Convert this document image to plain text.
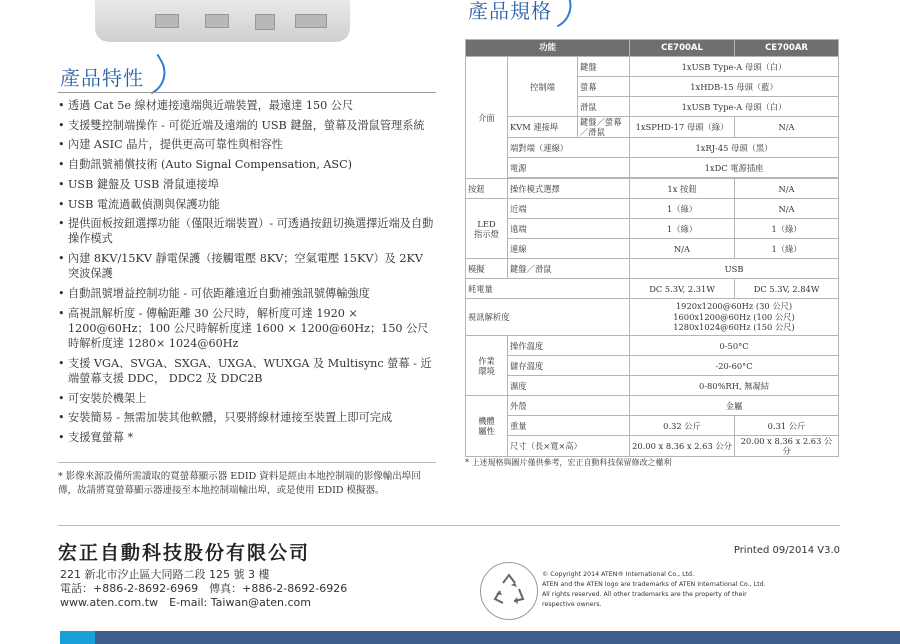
產品特性
• 透過 Cat 5e 線材連接遠端與近端裝置，最遠達 150 公尺
• 支援雙控制端操作 - 可從近端及遠端的 USB 鍵盤，螢幕及滑鼠管理系統
• 內建 ASIC 晶片，提供更高可靠性與相容性
• 自動訊號補償技術 (Auto Signal Compensation, ASC)
• USB 鍵盤及 USB 滑鼠連接埠
• USB 電流過載偵測與保護功能
• 提供面板按鈕選擇功能（僅限近端裝置）- 可透過按鈕切換選擇近端及自動操作模式
• 內建 8KV/15KV 靜電保護（接觸電壓 8KV；空氣電壓 15KV）及 2KV 突波保護
• 自動訊號增益控制功能 - 可依距離遠近自動補強訊號傳輸強度
• 高視訊解析度 - 傳輸距離 30 公尺時，解析度可達 1920 × 1200@60Hz；100 公尺時解析度達 1600 × 1200@60Hz；150 公尺時解析度達 1280× 1024@60Hz
• 支援 VGA、SVGA、SXGA、UXGA、WUXGA 及 Multisync 螢幕 - 近端螢幕支援 DDC， DDC2 及 DDC2B
• 可安裝於機架上
• 安裝簡易 - 無需加裝其他軟體，只要將線材連接至裝置上即可完成
• 支援寬螢幕 *
* 影像來源設備所需讀取的寬螢幕顯示器 EDID 資料是經由本地控制端的影像輸出埠回傳，故請將寬螢幕顯示器連接至本地控制端輸出埠，或是使用 EDID 模擬器。
產品規格
功能			CE700AL	CE700AR
介面	控制端	鍵盤	1xUSB Type-A 母頭（白）	
		螢幕	1xHDB-15 母頭（藍）	
		滑鼠	1xUSB Type-A 母頭（白）	
	KVM 連接埠	鍵盤／螢幕／滑鼠	1xSPHD-17 母頭（綠）	N/A
	端對端（連線）		1xRJ-45 母頭（黑）	
	電源		1xDC 電源插座	

按鈕	操作模式選擇		1x 按鈕	N/A
LED
指示燈	近端		1（綠）	N/A
	遠端		1（綠）	1（綠）
	連線		N/A	1（綠）
模擬	鍵盤／滑鼠		USB	
耗電量			DC 5.3V, 2.31W	DC 5.3V, 2.84W
視訊解析度			1920x1200@60Hz (30 公尺)
1600x1200@60Hz (100 公尺)
1280x1024@60Hz (150 公尺)	

作業
環境	操作溫度		0-50°C	
	儲存溫度		-20-60°C	
	濕度		0-80%RH, 無凝結	
機體
屬性	外殼		金屬	
	重量		0.32 公斤	0.31 公斤
	尺寸（長×寬×高）		20.00 x 8.36 x 2.63 公分	20.00 x 8.36 x 2.63 公分
* 上述規格與圖片僅供參考，宏正自動科技保留修改之權利
宏正自動科技股份有限公司	Printed 09/2014 V3.0
221 新北市汐止區大同路二段 125 號 3 樓
電話：+886-2-8692-6969　傳真：+886-2-8692-6926
www.aten.com.tw　E-mail: Taiwan@aten.com
© Copyright 2014 ATEN® International Co., Ltd.
ATEN and the ATEN logo are trademarks of ATEN International Co., Ltd.
All rights reserved. All other trademarks are the property of their
respective owners.
